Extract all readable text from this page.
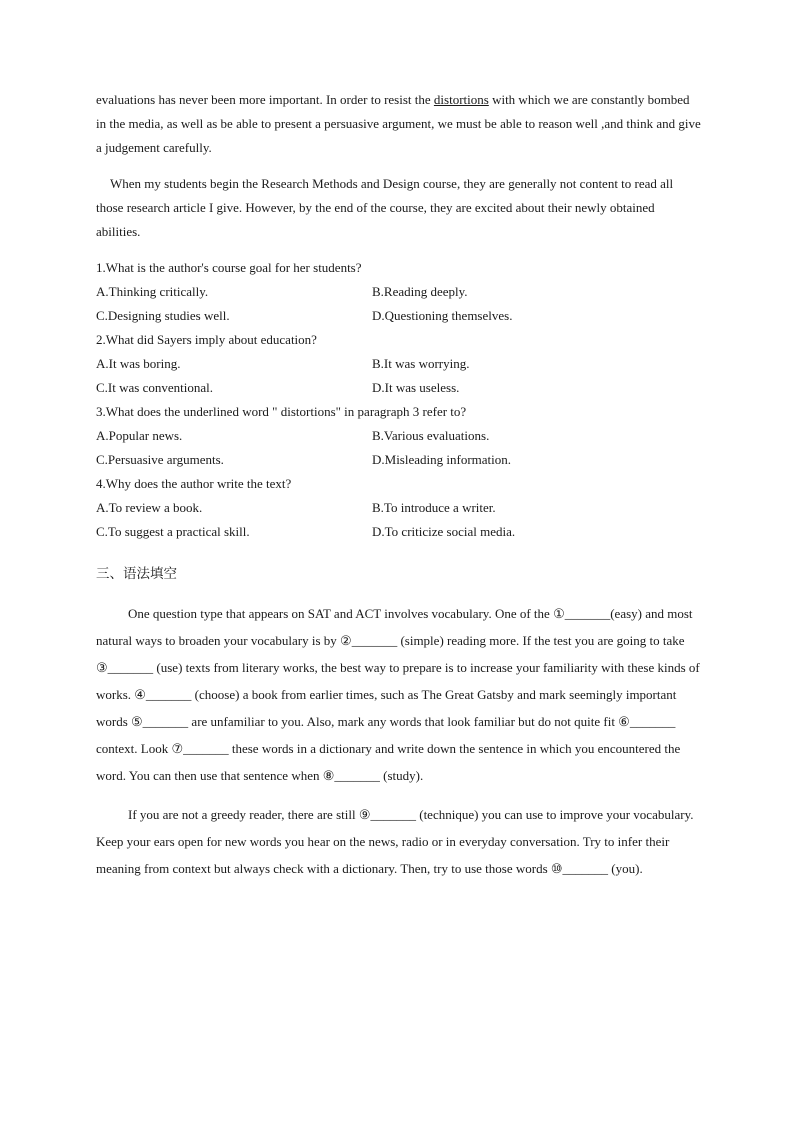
evaluations has never been more important. In order to resist the distortions with which we are constantly bombed in the media, as well as be able to present a persuasive argument, we must be able to reason well ,and think and give a judgement carefully.

When my students begin the Research Methods and Design course, they are generally not content to read all those research article I give. However, by the end of the course, they are excited about their newly obtained abilities.

1.What is the author's course goal for her students?

A.Thinking critically.	B.Reading deeply.
C.Designing studies well.	D.Questioning themselves.

2.What did Sayers imply about education?

A.It was boring.	B.It was worrying.
C.It was conventional.	D.It was useless.

3.What does the underlined word " distortions" in paragraph 3 refer to?

A.Popular news.	B.Various evaluations.
C.Persuasive arguments.	D.Misleading information.

4.Why does the author write the text?

A.To review a book.	B.To introduce a writer.
C.To suggest a practical skill.	D.To criticize social media.
三、语法填空

One question type that appears on SAT and ACT involves vocabulary. One of the ①_______(easy) and most natural ways to broaden your vocabulary is by ②_______ (simple) reading more. If the test you are going to take ③_______ (use) texts from literary works, the best way to prepare is to increase your familiarity with these kinds of works. ④_______ (choose) a book from earlier times, such as The Great Gatsby and mark seemingly important words ⑤_______ are unfamiliar to you. Also, mark any words that look familiar but do not quite fit ⑥_______ context. Look ⑦_______ these words in a dictionary and write down the sentence in which you encountered the word. You can then use that sentence when ⑧_______ (study).

If you are not a greedy reader, there are still ⑨_______ (technique) you can use to improve your vocabulary. Keep your ears open for new words you hear on the news, radio or in everyday conversation. Try to infer their meaning from context but always check with a dictionary. Then, try to use those words ⑩_______ (you).
